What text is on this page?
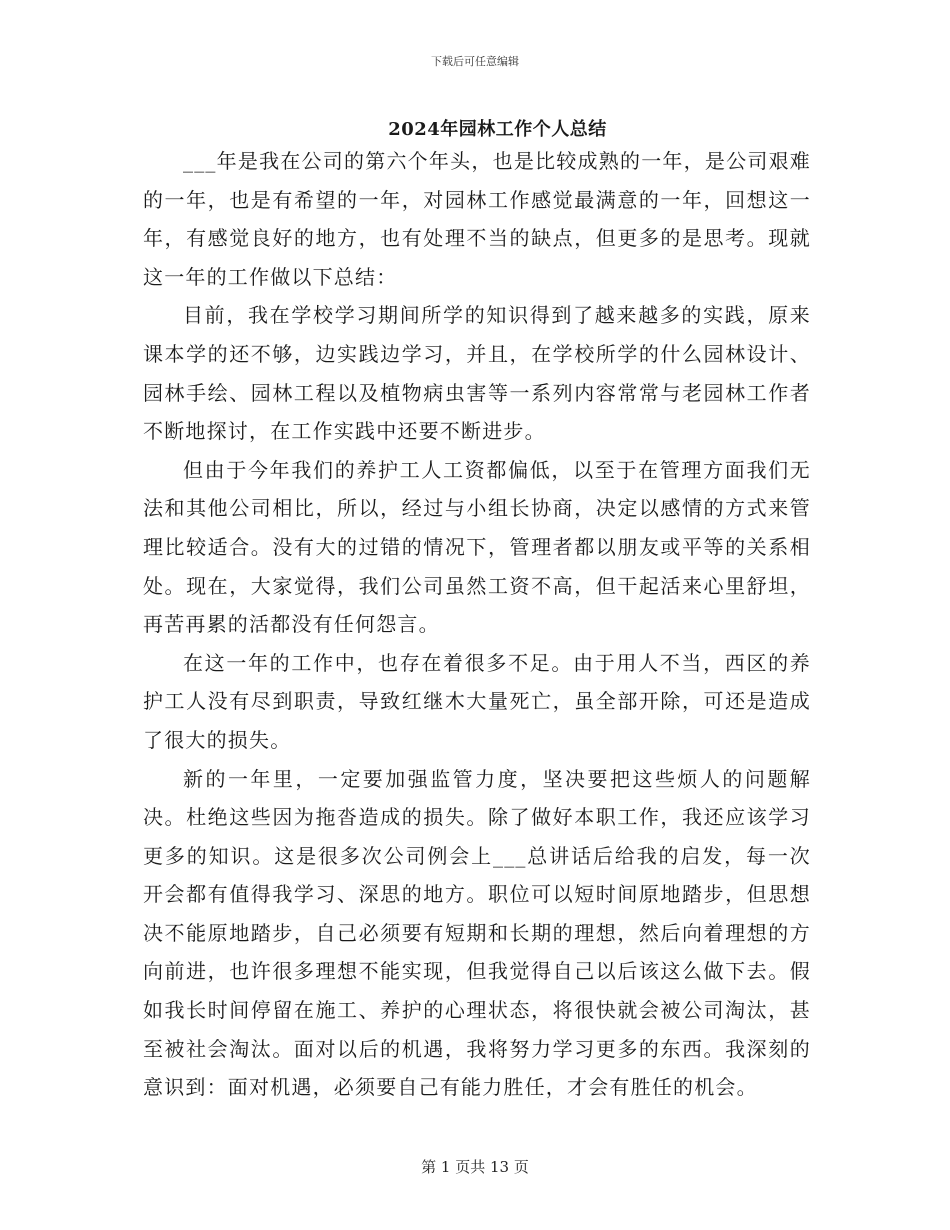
下载后可任意编辑
2024年园林工作个人总结

___年是我在公司的第六个年头，也是比较成熟的一年，是公司艰难的一年，也是有希望的一年，对园林工作感觉最满意的一年，回想这一年，有感觉良好的地方，也有处理不当的缺点，但更多的是思考。现就这一年的工作做以下总结：

目前，我在学校学习期间所学的知识得到了越来越多的实践，原来课本学的还不够，边实践边学习，并且，在学校所学的什么园林设计、园林手绘、园林工程以及植物病虫害等一系列内容常常与老园林工作者不断地探讨，在工作实践中还要不断进步。

但由于今年我们的养护工人工资都偏低，以至于在管理方面我们无法和其他公司相比，所以，经过与小组长协商，决定以感情的方式来管理比较适合。没有大的过错的情况下，管理者都以朋友或平等的关系相处。现在，大家觉得，我们公司虽然工资不高，但干起活来心里舒坦，再苦再累的活都没有任何怨言。

在这一年的工作中，也存在着很多不足。由于用人不当，西区的养护工人没有尽到职责，导致红继木大量死亡，虽全部开除，可还是造成了很大的损失。

新的一年里，一定要加强监管力度，坚决要把这些烦人的问题解决。杜绝这些因为拖沓造成的损失。除了做好本职工作，我还应该学习更多的知识。这是很多次公司例会上___总讲话后给我的启发，每一次开会都有值得我学习、深思的地方。职位可以短时间原地踏步，但思想决不能原地踏步，自己必须要有短期和长期的理想，然后向着理想的方向前进，也许很多理想不能实现，但我觉得自己以后该这么做下去。假如我长时间停留在施工、养护的心理状态，将很快就会被公司淘汰，甚至被社会淘汰。面对以后的机遇，我将努力学习更多的东西。我深刻的意识到：面对机遇，必须要自己有能力胜任，才会有胜任的机会。

第 1 页共 13 页
